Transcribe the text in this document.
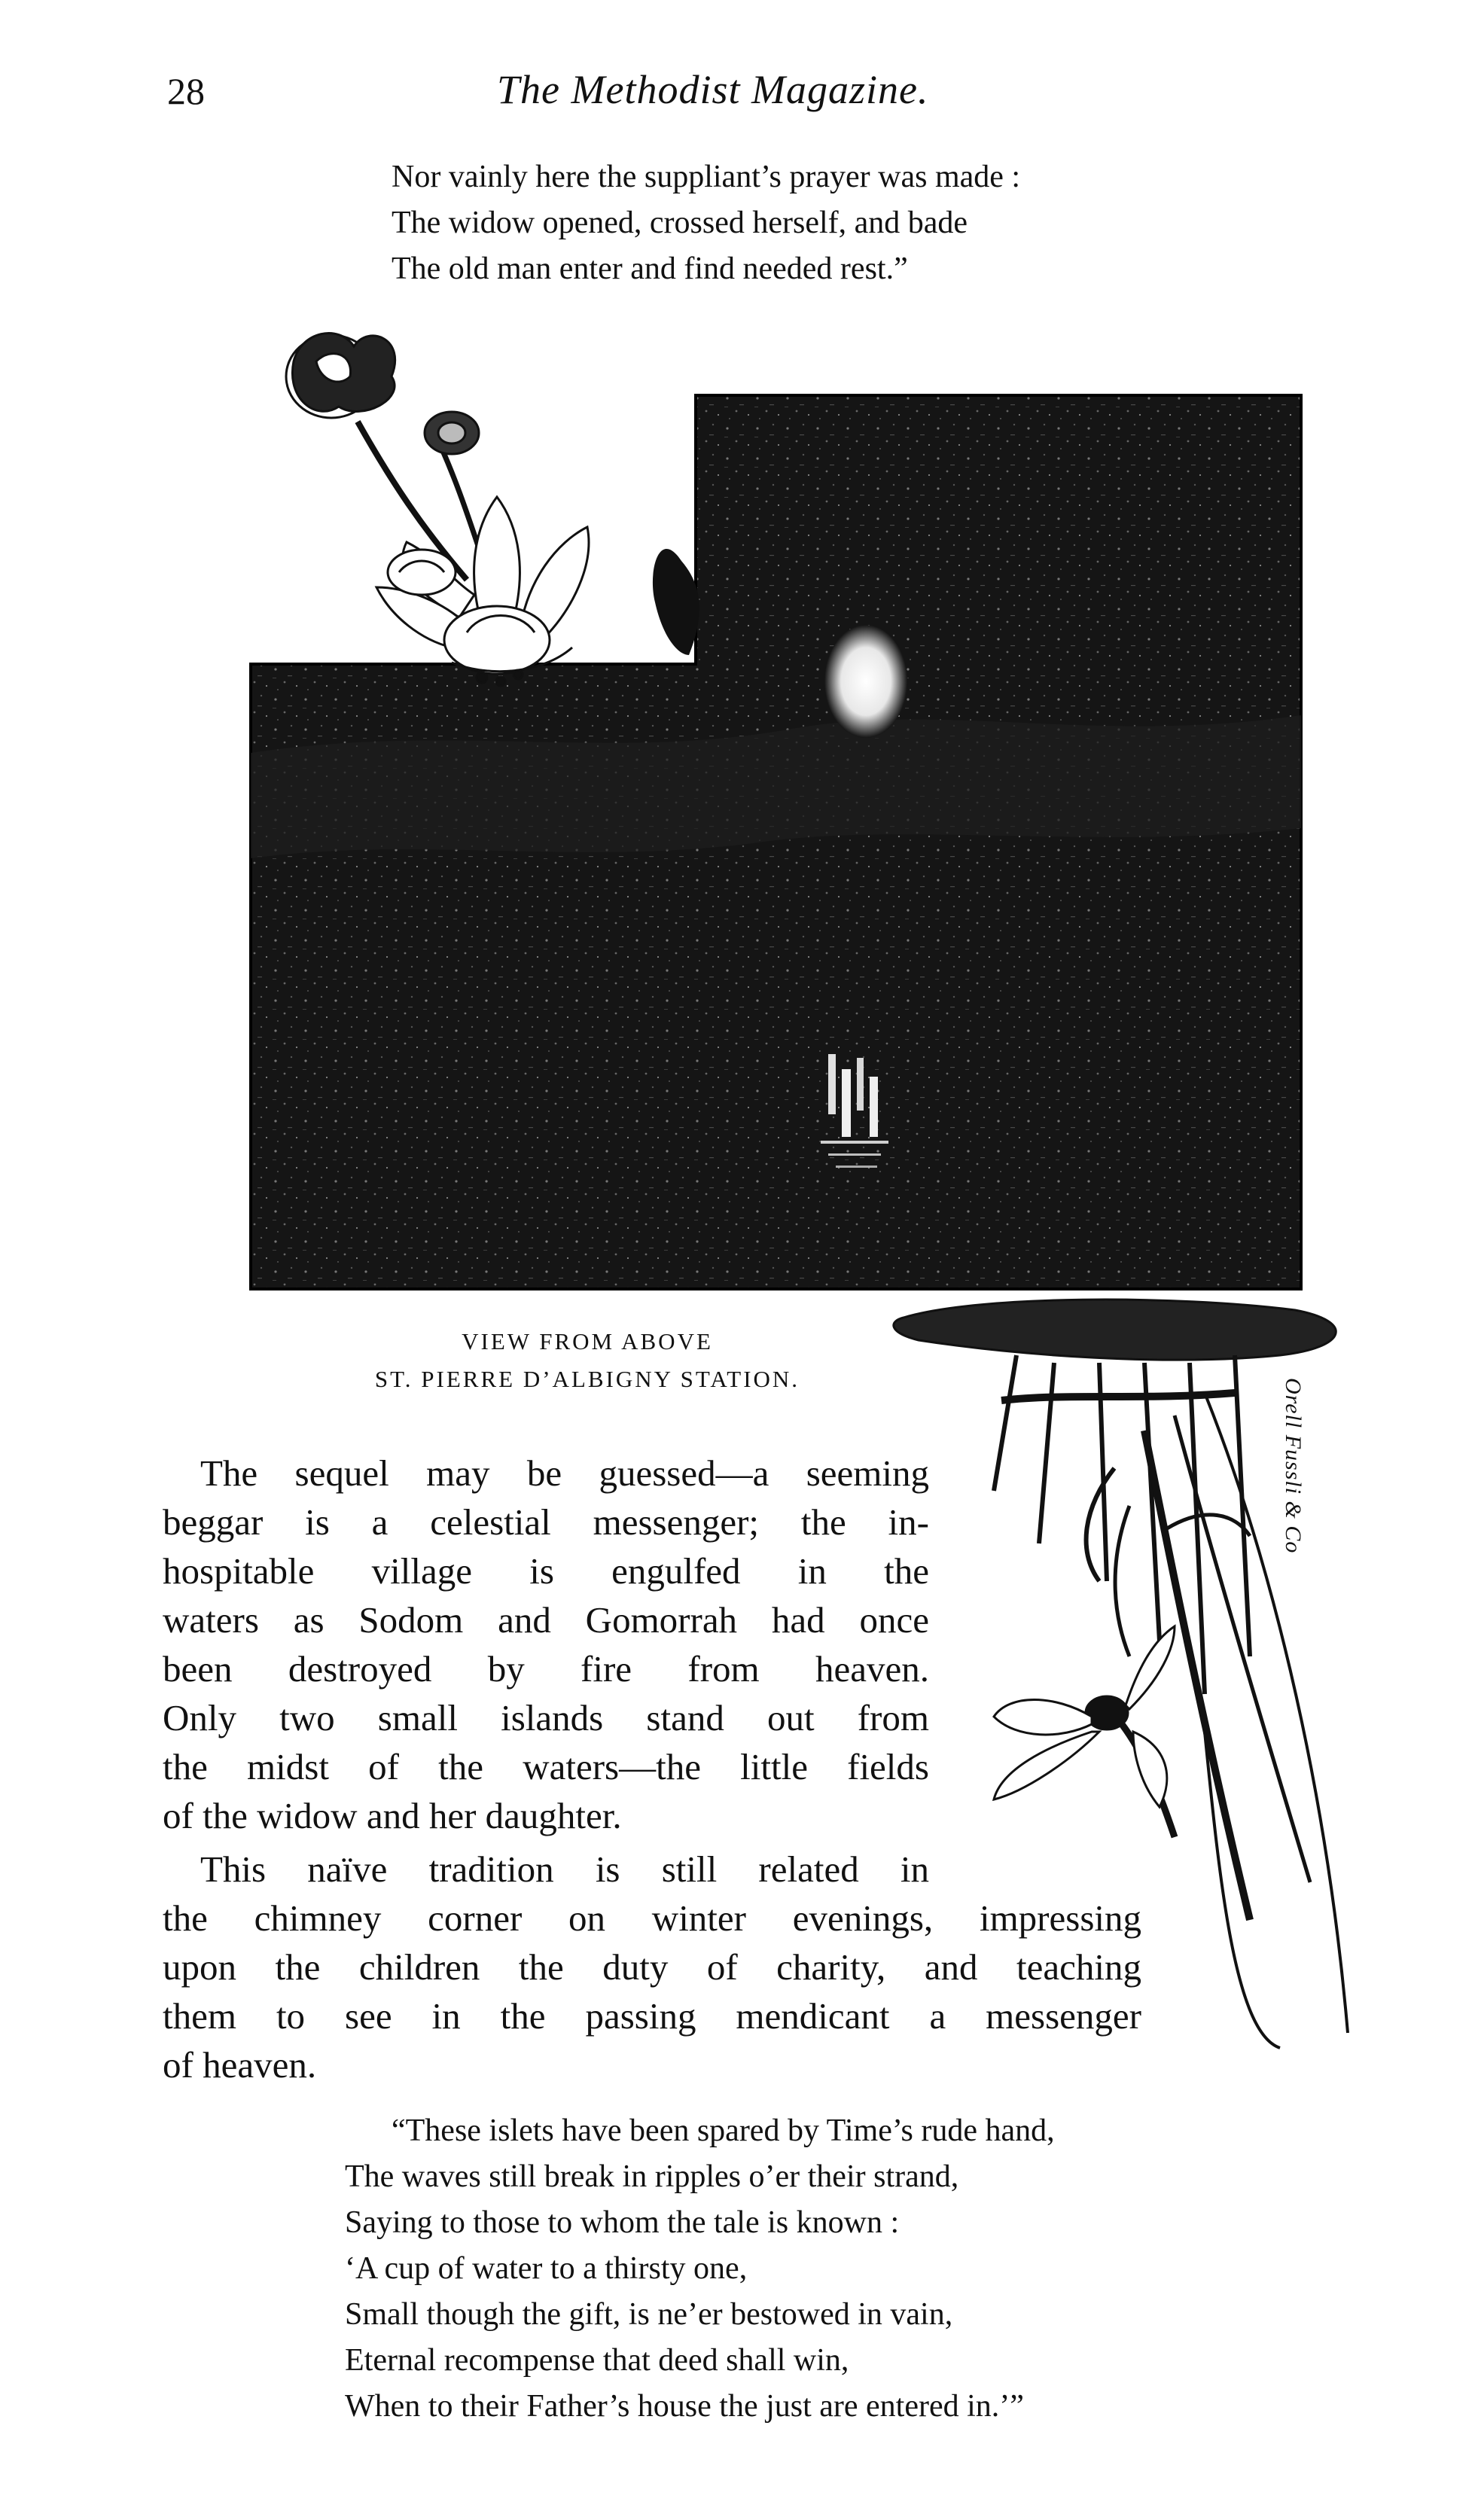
28	The Methodist Magazine.
Nor vainly here the suppliant’s prayer was made :
The widow opened, crossed herself, and bade
The old man enter and find needed rest.”
Orell Fussli & Co
VIEW FROM ABOVE
ST. PIERRE D’ALBIGNY STATION.
The sequel may be guessed—a seeming
beggar is a celestial messenger; the in-
hospitable village is engulfed in the
waters as Sodom and Gomorrah had once
been destroyed by fire from heaven.
Only two small islands stand out from
the midst of the waters—the little fields
of the widow and her daughter.
This naïve tradition is still related in
the chimney corner on winter evenings, impressing
upon the children the duty of charity, and teaching
them to see in the passing mendicant a messenger
of heaven.
“These islets have been spared by Time’s rude hand,
The waves still break in ripples o’er their strand,
Saying to those to whom the tale is known :
‘A cup of water to a thirsty one,
Small though the gift, is ne’er bestowed in vain,
Eternal recompense that deed shall win,
When to their Father’s house the just are entered in.’”
